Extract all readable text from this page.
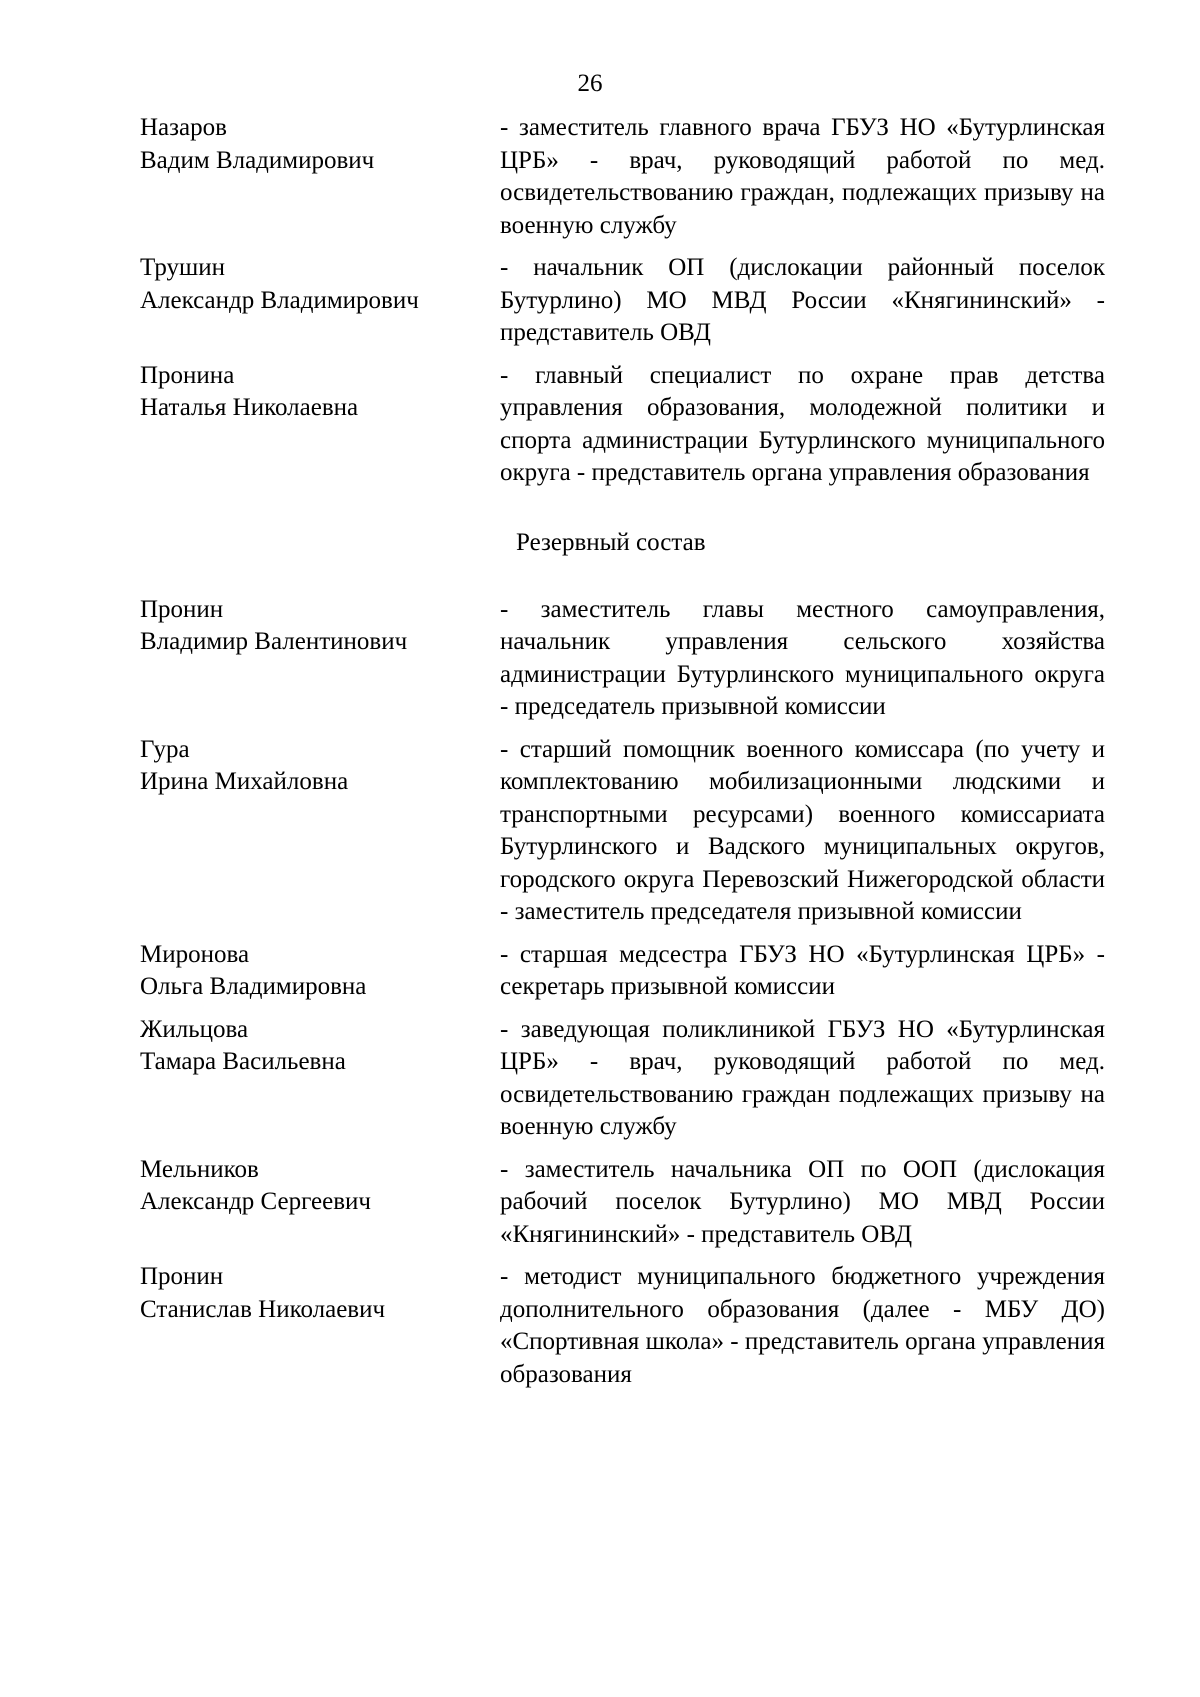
26
Назаров
Вадим Владимирович
- заместитель главного врача ГБУЗ НО «Бутурлинская ЦРБ» - врач, руководящий работой по мед. освидетельствованию граждан, подлежащих призыву на военную службу
Трушин
Александр Владимирович
- начальник ОП (дислокации районный поселок Бутурлино) МО МВД России «Княгининский» - представитель ОВД
Пронина
Наталья Николаевна
- главный специалист по охране прав детства управления образования, молодежной политики и спорта администрации Бутурлинского муниципального округа - представитель органа управления образования
Резервный состав
Пронин
Владимир Валентинович
- заместитель главы местного самоуправления, начальник управления сельского хозяйства администрации Бутурлинского муниципального округа - председатель призывной комиссии
Гура
Ирина Михайловна
- старший помощник военного комиссара (по учету и комплектованию мобилизационными людскими и транспортными ресурсами) военного комиссариата Бутурлинского и Вадского муниципальных округов, городского округа Перевозский Нижегородской области - заместитель председателя призывной комиссии
Миронова
Ольга Владимировна
- старшая медсестра ГБУЗ НО «Бутурлинская ЦРБ» - секретарь призывной комиссии
Жильцова
Тамара Васильевна
- заведующая поликлиникой ГБУЗ НО «Бутурлинская ЦРБ» - врач, руководящий работой по мед. освидетельствованию граждан подлежащих призыву на военную службу
Мельников
Александр Сергеевич
- заместитель начальника ОП по ООП (дислокация рабочий поселок Бутурлино) МО МВД России «Княгининский» - представитель ОВД
Пронин
Станислав Николаевич
- методист муниципального бюджетного учреждения дополнительного образования (далее - МБУ ДО) «Спортивная школа» - представитель органа управления образования
